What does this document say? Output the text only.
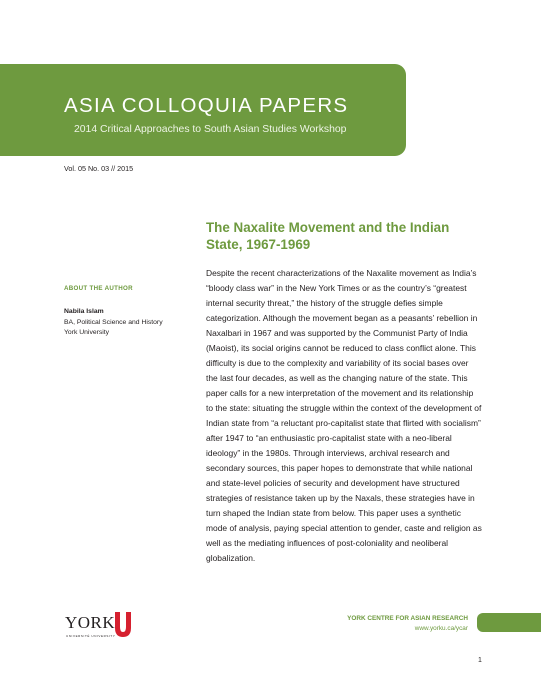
ASIA COLLOQUIA PAPERS
2014 Critical Approaches to South Asian Studies Workshop
Vol. 05 No. 03 // 2015
The Naxalite Movement and the Indian State, 1967-1969
ABOUT THE AUTHOR
Nabila Islam
BA, Political Science and History
York University

Despite the recent characterizations of the Naxalite movement as India’s “bloody class war” in the New York Times or as the country’s “greatest internal security threat,” the history of the struggle defies simple categorization. Although the movement began as a peasants’ rebellion in Naxalbari in 1967 and was supported by the Communist Party of India (Maoist), its social origins cannot be reduced to class conflict alone. This difficulty is due to the complexity and variability of its social bases over the last four decades, as well as the changing nature of the state. This paper calls for a new interpretation of the movement and its relationship to the state: situating the struggle within the context of the development of Indian state from “a reluctant pro-capitalist state that flirted with socialism” after 1947 to “an enthusiastic pro-capitalist state with a neo-liberal ideology” in the 1980s. Through interviews, archival research and secondary sources, this paper hopes to demonstrate that while national and state-level policies of security and development have structured strategies of resistance taken up by the Naxals, these strategies have in turn shaped the Indian state from below. This paper uses a synthetic mode of analysis, paying special attention to gender, caste and religion as well as the mediating influences of post-coloniality and neoliberal globalization.

YORK
UNIVERSITÉ UNIVERSITY
YORK CENTRE FOR ASIAN RESEARCH
www.yorku.ca/ycar
1
